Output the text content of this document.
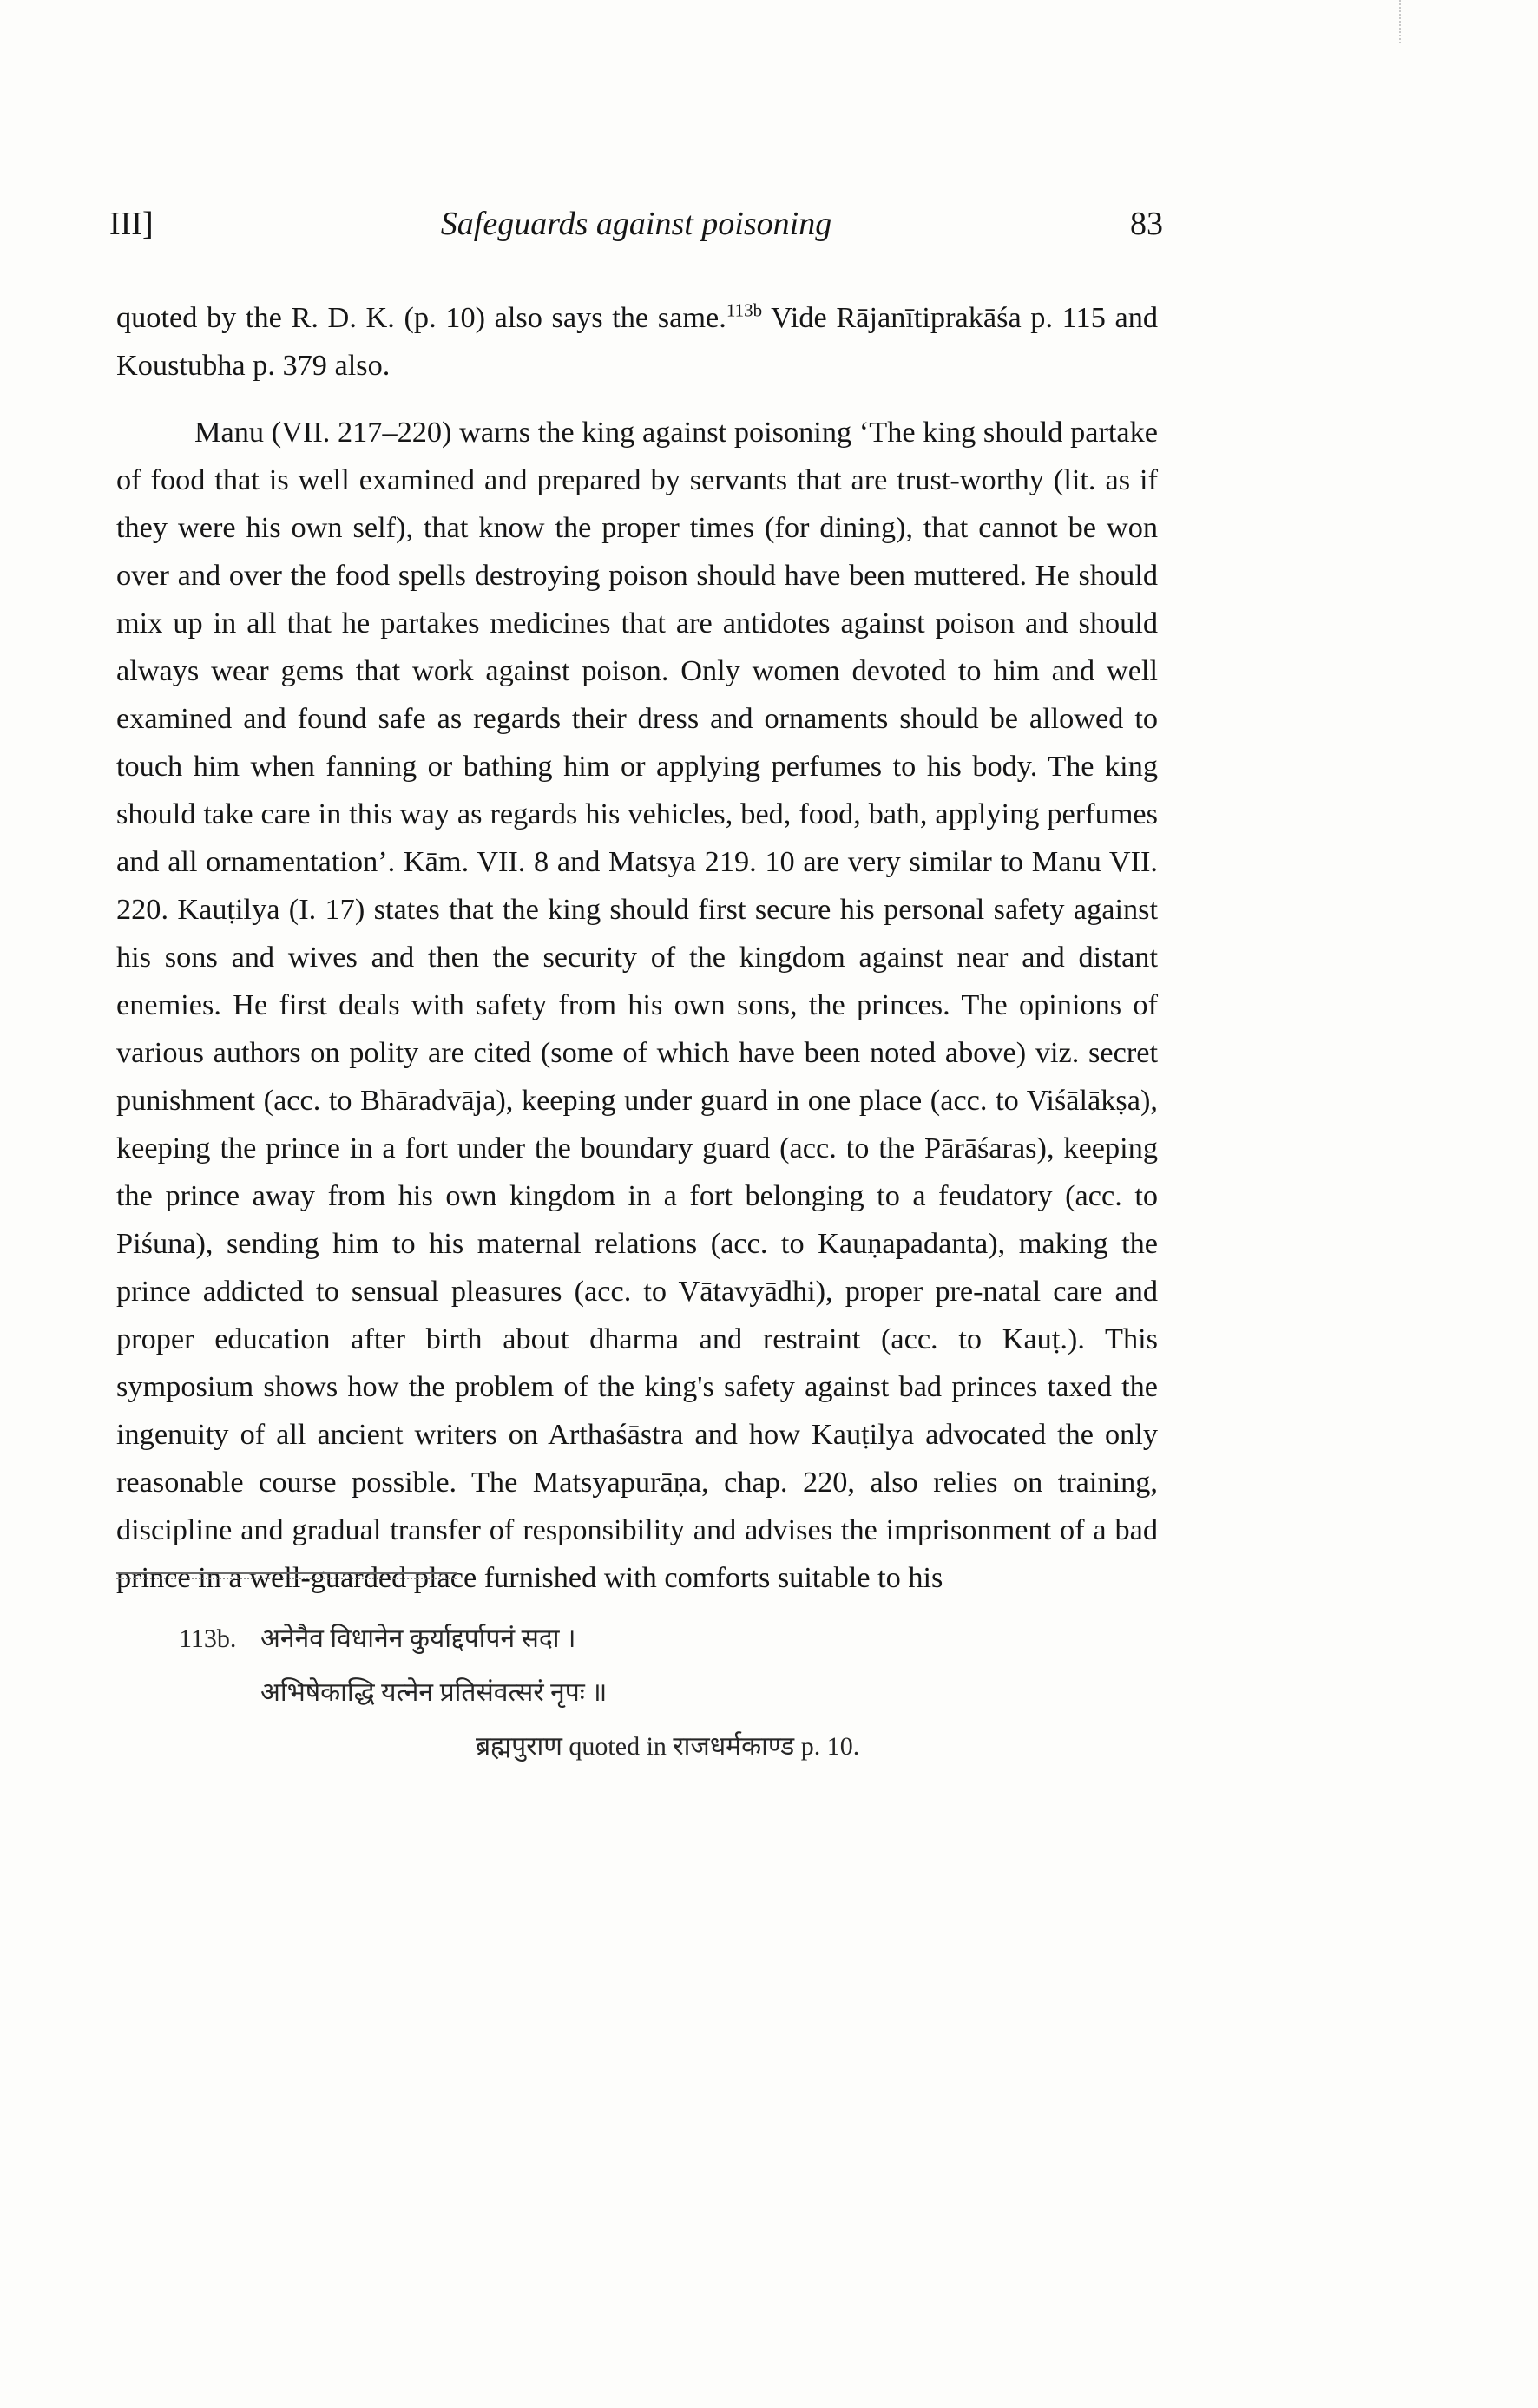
III]	Safeguards against poisoning	83

quoted by the R. D. K. (p. 10) also says the same.$^{113b}$ Vide Rājanītiprakāśa p. 115 and Koustubha p. 379 also.

Manu (VII. 217–220) warns the king against poisoning ‘The king should partake of food that is well examined and prepared by servants that are trust-worthy (lit. as if they were his own self), that know the proper times (for dining), that cannot be won over and over the food spells destroying poison should have been muttered. He should mix up in all that he partakes medicines that are antidotes against poison and should always wear gems that work against poison. Only women devoted to him and well examined and found safe as regards their dress and ornaments should be allowed to touch him when fanning or bathing him or applying perfumes to his body. The king should take care in this way as regards his vehicles, bed, food, bath, applying perfumes and all ornamentation’. Kām. VII. 8 and Matsya 219. 10 are very similar to Manu VII. 220. Kauṭilya (I. 17) states that the king should first secure his personal safety against his sons and wives and then the security of the kingdom against near and distant enemies. He first deals with safety from his own sons, the princes. The opinions of various authors on polity are cited (some of which have been noted above) viz. secret punishment (acc. to Bhāradvāja), keeping under guard in one place (acc. to Viśālākṣa), keeping the prince in a fort under the boundary guard (acc. to the Pārāśaras), keeping the prince away from his own kingdom in a fort belonging to a feudatory (acc. to Piśuna), sending him to his maternal relations (acc. to Kauṇapadanta), making the prince addicted to sensual pleasures (acc. to Vātavyādhi), proper pre-natal care and proper education after birth about dharma and restraint (acc. to Kauṭ.). This symposium shows how the problem of the king's safety against bad princes taxed the ingenuity of all ancient writers on Arthaśāstra and how Kauṭilya advocated the only reasonable course possible. The Matsyapurāṇa, chap. 220, also relies on training, discipline and gradual transfer of responsibility and advises the imprisonment of a bad prince in a well-guarded place furnished with comforts suitable to his

113b. अनेनैव विधानेन कुर्याद्दर्पापनं सदा ।
अभिषेकाद्धि यत्नेन प्रतिसंवत्सरं नृपः ॥
ब्रह्मपुराण quoted in राजधर्मकाण्ड p. 10.
